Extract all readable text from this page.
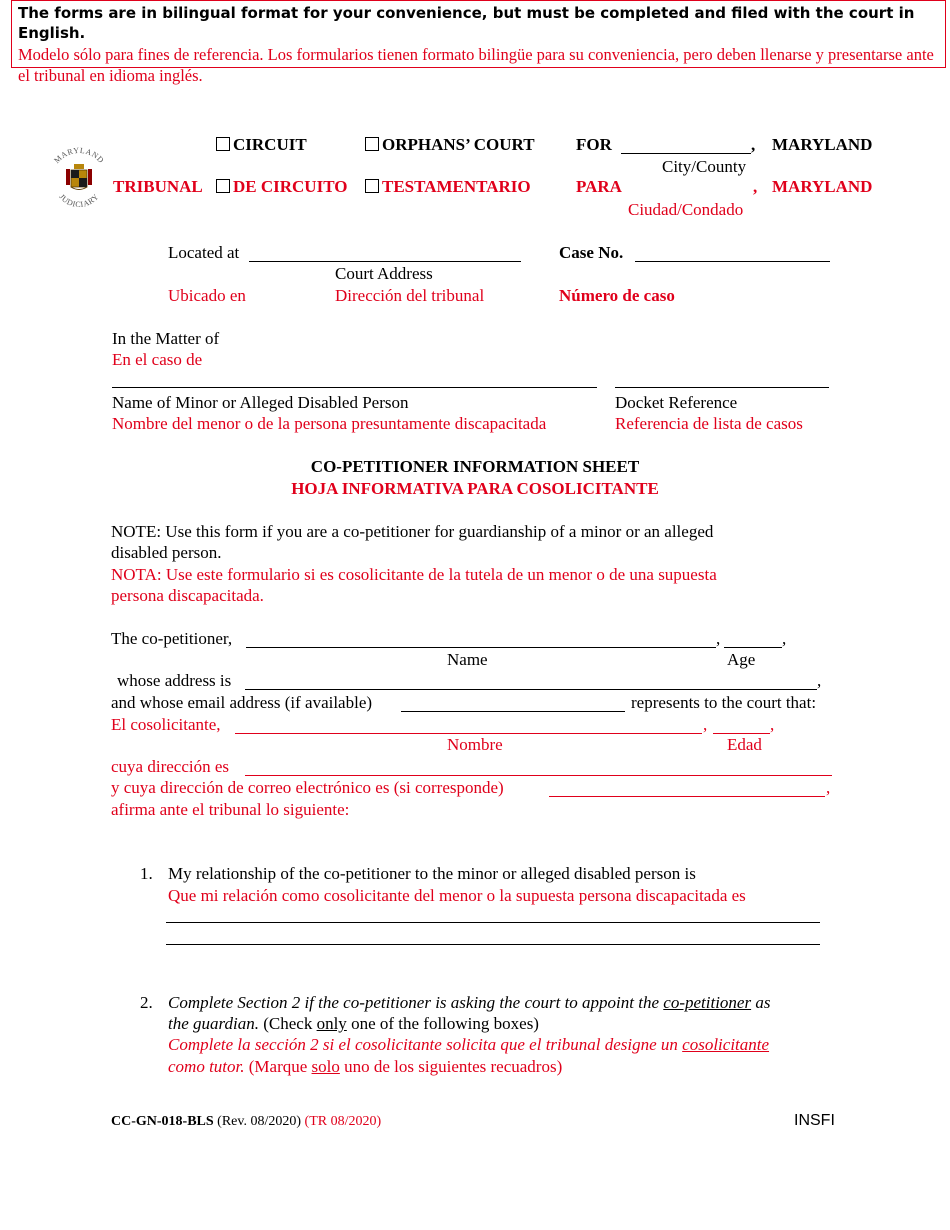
The forms are in bilingual format for your convenience, but must be completed and filed with the court in English.
Modelo sólo para fines de referencia. Los formularios tienen formato bilingüe para su conveniencia, pero deben llenarse y presentarse ante el tribunal en idioma inglés.
MARYLAND
JUDICIARY
CIRCUIT	ORPHANS’ COURT FOR	, MARYLAND
City/County
TRIBUNAL	DE CIRCUITO	TESTAMENTARIO	PARA	, MARYLAND
Ciudad/Condado
Located at
Court Address
Ubicado en	Dirección del tribunal
Case No.
Número de caso
In the Matter of
En el caso de
Name of Minor or Alleged Disabled Person
Nombre del menor o de la persona presuntamente discapacitada
Docket Reference
Referencia de lista de casos
CO-PETITIONER INFORMATION SHEET
HOJA INFORMATIVA PARA COSOLICITANTE
NOTE: Use this form if you are a co-petitioner for guardianship of a minor or an alleged
disabled person.
NOTA: Use este formulario si es cosolicitante de la tutela de un menor o de una supuesta
persona discapacitada.
The co-petitioner,	,	,
Name	Age
whose address is	,
and whose email address (if available)	represents to the court that:
El cosolicitante,	,	,
Nombre	Edad
cuya dirección es
y cuya dirección de correo electrónico es (si corresponde)	,
afirma ante el tribunal lo siguiente:
1. My relationship of the co-petitioner to the minor or alleged disabled person is
Que mi relación como cosolicitante del menor o la supuesta persona discapacitada es
2. Complete Section 2 if the co-petitioner is asking the court to appoint the co-petitioner as
the guardian. (Check only one of the following boxes)
Complete la sección 2 si el cosolicitante solicita que el tribunal designe un cosolicitante
como tutor. (Marque solo uno de los siguientes recuadros)
CC-GN-018-BLS (Rev. 08/2020) (TR 08/2020)	INSFI
